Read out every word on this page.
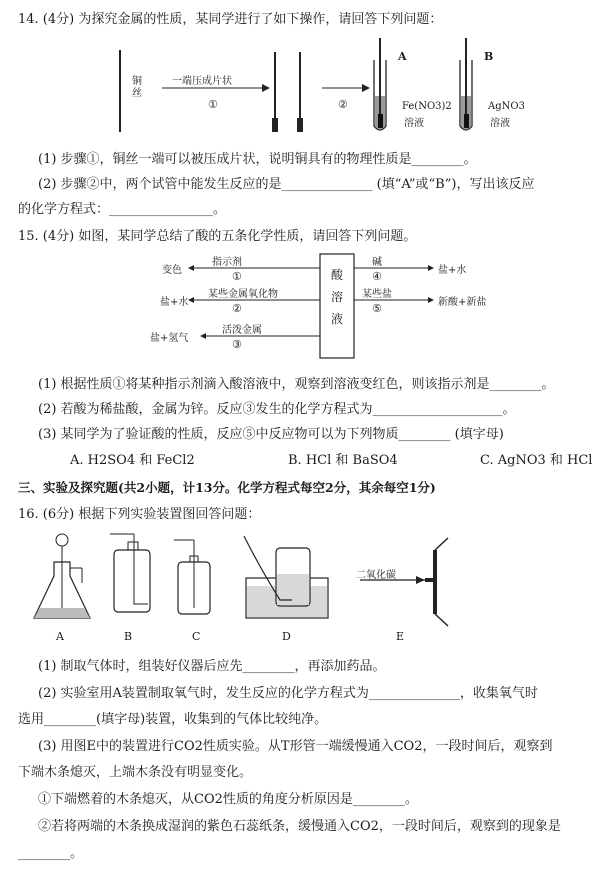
14. (4分) 为探究金属的性质，某同学进行了如下操作，请回答下列问题：
铜丝
一端压成片状
①	②
A	B
Fe(NO3)2
溶液
AgNO3
溶液
(1) 步骤①，铜丝一端可以被压成片状，说明铜具有的物理性质是________。
(2) 步骤②中，两个试管中能发生反应的是______________ (填“A”或“B”)，写出该反应
的化学方程式：________________。
15. (4分) 如图，某同学总结了酸的五条化学性质，请回答下列问题。
酸
溶
液
变色
指示剂
①
盐+水
某些金属氧化物
②
盐+氢气
活泼金属
③
碱
④	盐+水
某些盐
⑤	新酸+新盐
(1) 根据性质①将某种指示剂滴入酸溶液中，观察到溶液变红色，则该指示剂是________。
(2) 若酸为稀盐酸，金属为锌。反应③发生的化学方程式为____________________。
(3) 某同学为了验证酸的性质，反应⑤中反应物可以为下列物质________ (填字母)
A. H2SO4 和 FeCl2	B. HCl 和 BaSO4	C. AgNO3 和 HCl
三、实验及探究题(共2小题，计13分。化学方程式每空2分，其余每空1分)
16. (6分) 根据下列实验装置图回答问题：
A	B	C	D	E
二氧化碳
(1) 制取气体时，组装好仪器后应先________，再添加药品。
(2) 实验室用A装置制取氧气时，发生反应的化学方程式为______________，收集氧气时
选用________(填字母)装置，收集到的气体比较纯净。
(3) 用图E中的装置进行CO2性质实验。从T形管一端缓慢通入CO2，一段时间后，观察到
下端木条熄灭，上端木条没有明显变化。
①下端燃着的木条熄灭，从CO2性质的角度分析原因是________。
②若将两端的木条换成湿润的紫色石蕊纸条，缓慢通入CO2，一段时间后，观察到的现象是
________。
